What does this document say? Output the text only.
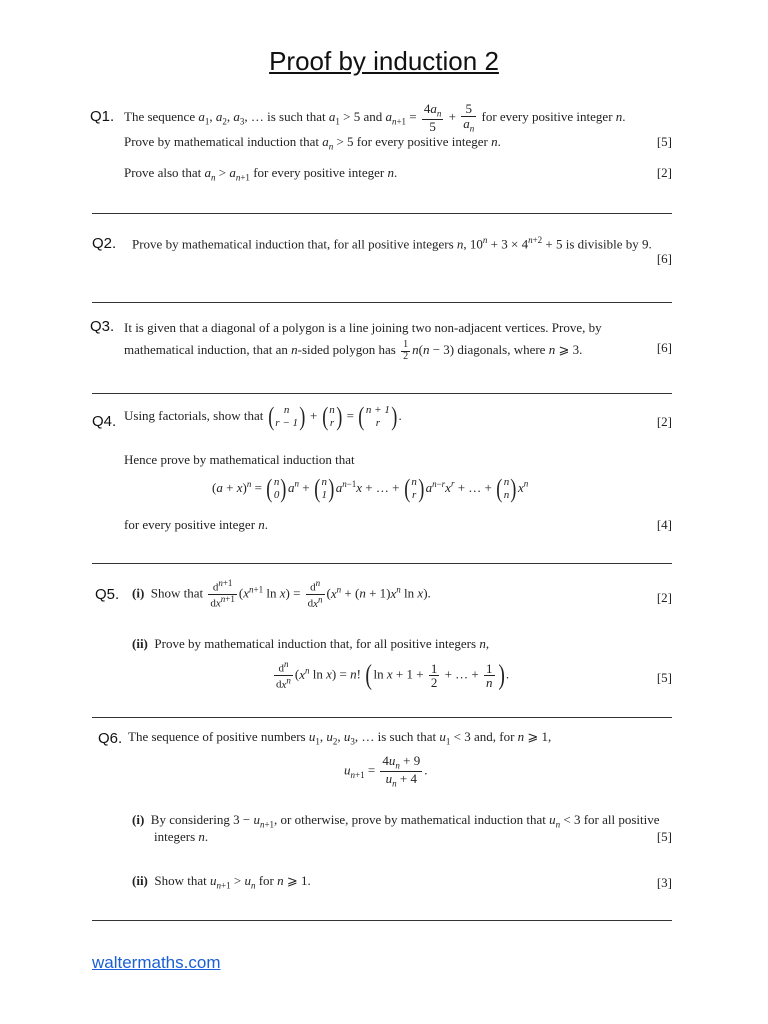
Proof by induction 2
Q1. The sequence $a_1$, $a_2$, $a_3$, … is such that $a_1 > 5$ and $a_{n+1} = \frac{4a_n}{5} + \frac{5}{a_n}$ for every positive integer n.
Prove by mathematical induction that $a_n > 5$ for every positive integer n.	[5]
Prove also that $a_n > a_{n+1}$ for every positive integer n.	[2]
Q2. Prove by mathematical induction that, for all positive integers n, $10^n + 3 \times 4^{n+2} + 5$ is divisible by 9.
[6]
Q3. It is given that a diagonal of a polygon is a line joining two non-adjacent vertices. Prove, by
mathematical induction, that an n-sided polygon has $\frac{1}{2} n(n - 3)$ diagonals, where n ⩾ 3.	[6]
Q4. Using factorials, show that ( n
r − 1 ) + ( n
r ) = ( n + 1
r ) .	[2]
Hence prove by mathematical induction that
$(a + x)^n$ = ( n
0 ) $a^n$ + ( n
1 ) $a^{n-1}x$ + … + ( n
r ) $a^{n-r}x^r$ + … + ( n
n ) $x^n$
for every positive integer n.	[4]
Q5. (i) Show that $\frac{d^{n+1}}{dx^{n+1}} (x^{n+1}$ $\ln x) = \frac{d^n}{dx^n} (x^n + (n + 1)x^n$ ln x).	[2]
(ii) Prove by mathematical induction that, for all positive integers n,
$\frac{d^n}{dx^n} (x^n$ ln x) = n! (ln $x + 1 + \frac{1}{2}$ + … + $\frac{1}{n}$ ).	[5]
Q6. The sequence of positive numbers $u_1$, $u_2$, $u_3$, … is such that $u_1 < 3$ and, for n ⩾ 1,
$u_{n+1} = \frac{4u_n + 9}{u_n + 4}$ .
(i) By considering $3 - u_{n+1}$, or otherwise, prove by mathematical induction that $u_n < 3$ for all positive
integers n.	[5]
(ii) Show that $u_{n+1} > u_n$ for n ⩾ 1.	[3]
waltermaths.com
